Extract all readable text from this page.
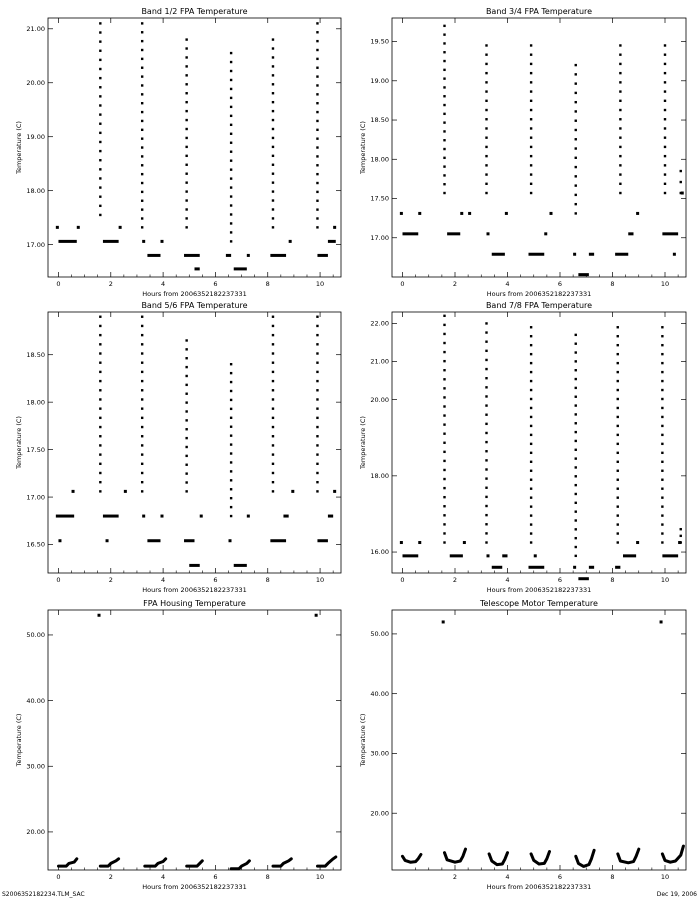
Band 1/2 FPA Temperature
Hours from 2006352182237331
Temperature (C)
0	2	4	6	8	10
17.00
18.00
19.00
20.00
21.00
Band 3/4 FPA Temperature
Hours from 2006352182237331
Temperature (C)
0	2	4	6	8	10
17.00
17.50
18.00
18.50
19.00
19.50
Band 5/6 FPA Temperature
Hours from 2006352182237331
Temperature (C)
0	2	4	6	8	10
16.50
17.00
17.50
18.00
18.50
Band 7/8 FPA Temperature
Hours from 2006352182237331
Temperature (C)
0	2	4	6	8	10
16.00
18.00
20.00
21.00
22.00
FPA Housing Temperature
Hours from 2006352182237331
Temperature (C)
0	2	4	6	8	10
20.00
30.00
40.00
50.00
Telescope Motor Temperature
Hours from 2006352182237331
Temperature (C)
2	4	6	8	10
20.00
30.00
40.00
50.00
S2006352182234.TLM_SAC	Dec 19, 2006
